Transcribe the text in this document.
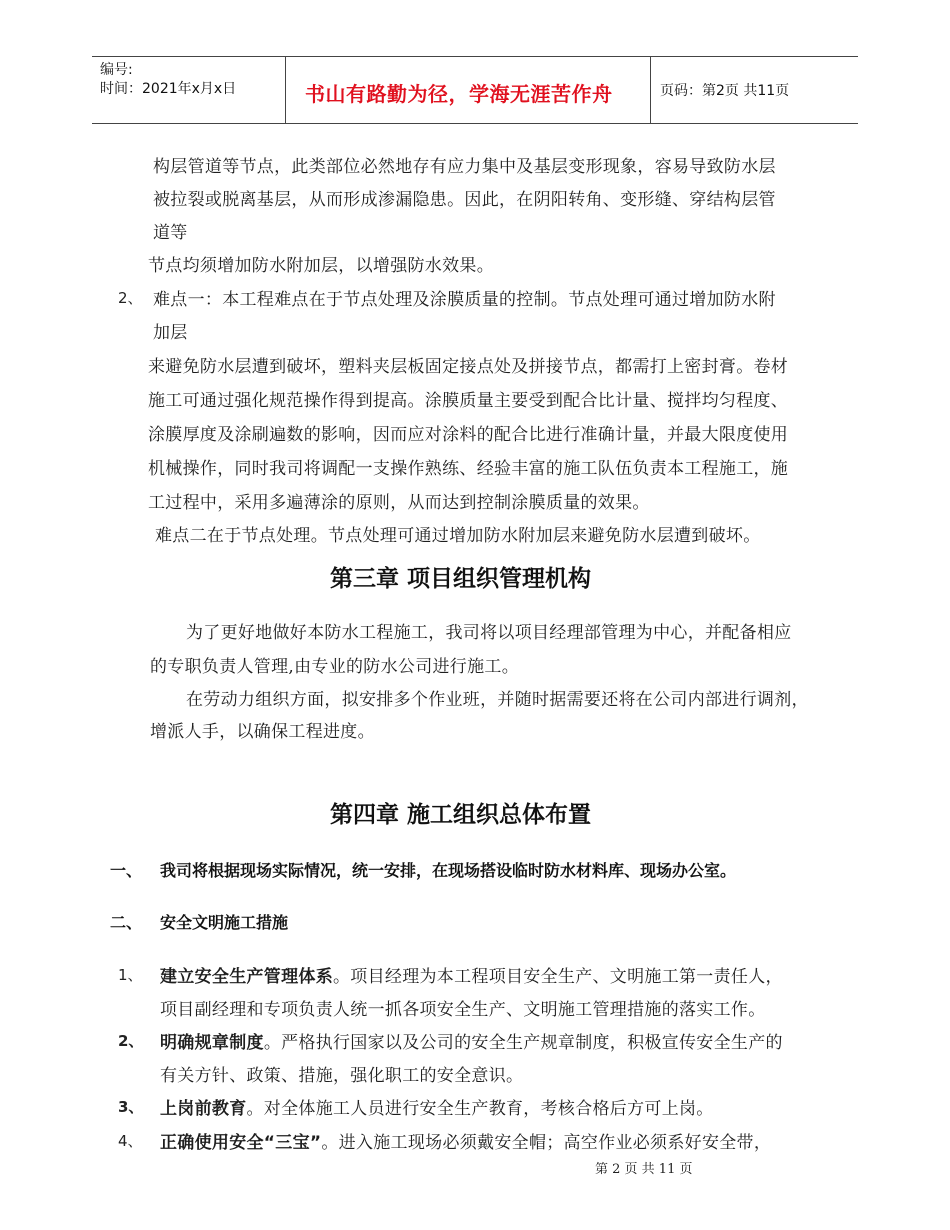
编号:
时间：2021年x月x日	书山有路勤为径，学海无涯苦作舟	页码：第2页 共11页
构层管道等节点，此类部位必然地存有应力集中及基层变形现象，容易导致防水层
被拉裂或脱离基层，从而形成渗漏隐患。因此，在阴阳转角、变形缝、穿结构层管
道等
节点均须增加防水附加层，以增强防水效果。
2、 难点一：本工程难点在于节点处理及涂膜质量的控制。节点处理可通过增加防水附
加层
来避免防水层遭到破坏，塑料夹层板固定接点处及拼接节点，都需打上密封膏。卷材
施工可通过强化规范操作得到提高。涂膜质量主要受到配合比计量、搅拌均匀程度、
涂膜厚度及涂刷遍数的影响，因而应对涂料的配合比进行准确计量，并最大限度使用
机械操作，同时我司将调配一支操作熟练、经验丰富的施工队伍负责本工程施工，施
工过程中，采用多遍薄涂的原则，从而达到控制涂膜质量的效果。
难点二在于节点处理。节点处理可通过增加防水附加层来避免防水层遭到破坏。
第三章 项目组织管理机构
为了更好地做好本防水工程施工，我司将以项目经理部管理为中心，并配备相应
的专职负责人管理,由专业的防水公司进行施工。
在劳动力组织方面，拟安排多个作业班，并随时据需要还将在公司内部进行调剂，
增派人手，以确保工程进度。
第四章 施工组织总体布置
一、 我司将根据现场实际情况，统一安排，在现场搭设临时防水材料库、现场办公室。
二、 安全文明施工措施
1、 建立安全生产管理体系。项目经理为本工程项目安全生产、文明施工第一责任人，
项目副经理和专项负责人统一抓各项安全生产、文明施工管理措施的落实工作。
2、 明确规章制度。严格执行国家以及公司的安全生产规章制度，积极宣传安全生产的
有关方针、政策、措施，强化职工的安全意识。
3、 上岗前教育。对全体施工人员进行安全生产教育，考核合格后方可上岗。
4、 正确使用安全“三宝”。进入施工现场必须戴安全帽；高空作业必须系好安全带，
第 2 页 共 11 页
